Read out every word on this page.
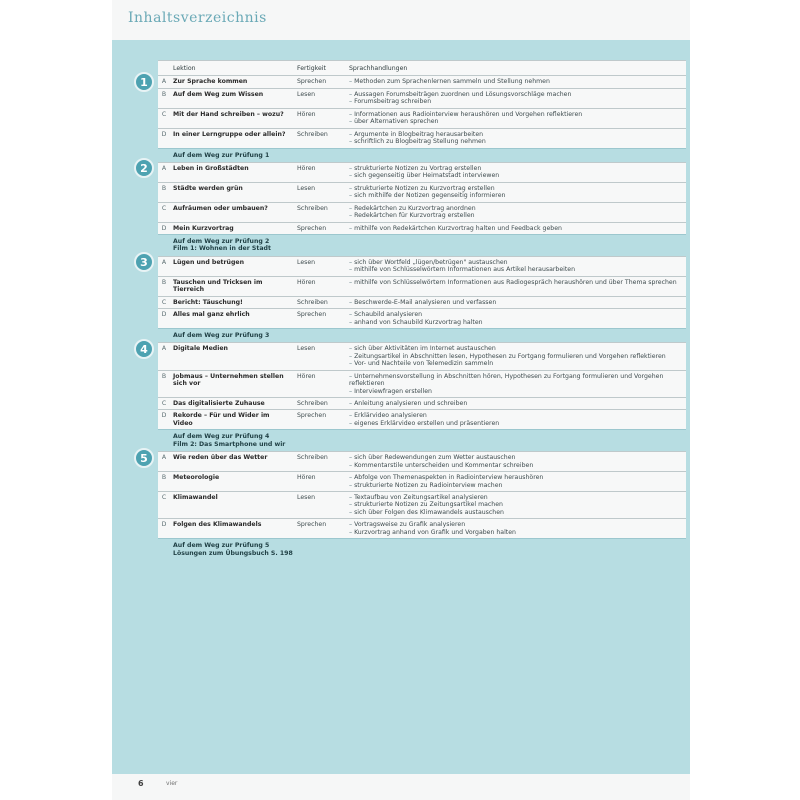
Inhaltsverzeichnis
	Lektion	Fertigkeit	Sprachhandlungen
A	Zur Sprache kommen	Sprechen	– Methoden zum Sprachenlernen sammeln und Stellung nehmen

B	Auf dem Weg zum Wissen	Lesen	– Aussagen Forumsbeiträgen zuordnen und Lösungsvorschläge machen
– Forumsbeitrag schreiben

C	Mit der Hand schreiben – wozu?	Hören	– Informationen aus Radiointerview heraushören und Vorgehen reflektieren
– über Alternativen sprechen

D	In einer Lerngruppe oder allein?	Schreiben	– Argumente in Blogbeitrag herausarbeiten
– schriftlich zu Blogbeitrag Stellung nehmen

	Auf dem Weg zur Prüfung 1		

A	Leben in Großstädten	Hören	– strukturierte Notizen zu Vortrag erstellen
– sich gegenseitig über Heimatstadt interviewen

B	Städte werden grün	Lesen	– strukturierte Notizen zu Kurzvortrag erstellen
– sich mithilfe der Notizen gegenseitig informieren

C	Aufräumen oder umbauen?	Schreiben	– Redekärtchen zu Kurzvortrag anordnen
– Redekärtchen für Kurzvortrag erstellen

D	Mein Kurzvortrag	Sprechen	– mithilfe von Redekärtchen Kurzvortrag halten und Feedback geben

	Auf dem Weg zur Prüfung 2
Film 1: Wohnen in der Stadt		

A	Lügen und betrügen	Lesen	– sich über Wortfeld „lügen/betrügen" austauschen
– mithilfe von Schlüsselwörtern Informationen aus Artikel herausarbeiten

B	Tauschen und Tricksen im Tierreich	Hören	– mithilfe von Schlüsselwörtern Informationen aus Radiogespräch heraushören und über Thema sprechen

C	Bericht: Täuschung!	Schreiben	– Beschwerde-E-Mail analysieren und verfassen

D	Alles mal ganz ehrlich	Sprechen	– Schaubild analysieren
– anhand von Schaubild Kurzvortrag halten

	Auf dem Weg zur Prüfung 3		

A	Digitale Medien	Lesen	– sich über Aktivitäten im Internet austauschen
– Zeitungsartikel in Abschnitten lesen, Hypothesen zu Fortgang formulieren und Vorgehen reflektieren
– Vor- und Nachteile von Telemedizin sammeln

B	Jobmaus – Unternehmen stellen sich vor	Hören	– Unternehmensvorstellung in Abschnitten hören, Hypothesen zu Fortgang formulieren und Vorgehen reflektieren
– Interviewfragen erstellen

C	Das digitalisierte Zuhause	Schreiben	– Anleitung analysieren und schreiben

D	Rekorde – Für und Wider im Video	Sprechen	– Erklärvideo analysieren
– eigenes Erklärvideo erstellen und präsentieren

	Auf dem Weg zur Prüfung 4
Film 2: Das Smartphone und wir		

A	Wie reden über das Wetter	Schreiben	– sich über Redewendungen zum Wetter austauschen
– Kommentarstile unterscheiden und Kommentar schreiben

B	Meteorologie	Hören	– Abfolge von Themenaspekten in Radiointerview heraushören
– strukturierte Notizen zu Radiointerview machen

C	Klimawandel	Lesen	– Textaufbau von Zeitungsartikel analysieren
– strukturierte Notizen zu Zeitungsartikel machen
– sich über Folgen des Klimawandels austauschen

D	Folgen des Klimawandels	Sprechen	– Vortragsweise zu Grafik analysieren
– Kurzvortrag anhand von Grafik und Vorgaben halten

	Auf dem Weg zur Prüfung 5
Lösungen zum Übungsbuch S. 198		
1
2
3
4
5
6	vier
